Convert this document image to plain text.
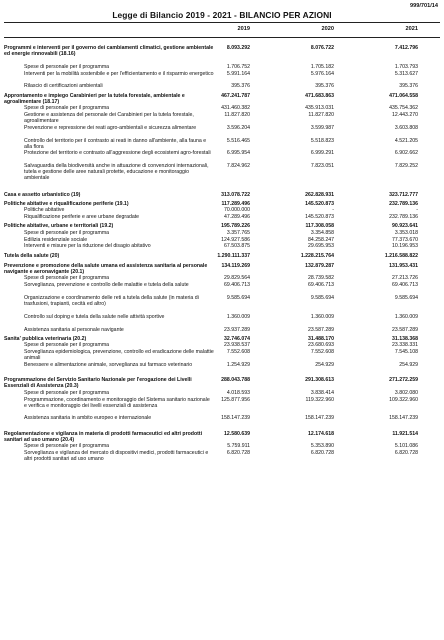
999/701/14
Legge di Bilancio 2019 - 2021 - BILANCIO PER AZIONI
2019	2020	2021
Programmi e interventi per il governo dei cambiamenti climatici, gestione ambientale ed energie rinnovabili (18.16)
8.093.292	8.076.722	7.412.796
Spese di personale per il programma	1.706.752	1.705.182	1.703.793
Interventi per la mobilità sostenibile e per l'efficientamento e il risparmio energetico	5.991.164	5.976.164	5.313.627
Rilascio di certificazioni ambientali	395.376	395.376	395.376
Approntamento e impiego Carabinieri per la tutela forestale, ambientale e agroalimentare (18.17)
467.241.787	471.683.863	471.064.558
Spese di personale per il programma	431.460.382	435.913.031	435.754.362
Gestione e assistenza del personale dei Carabinieri per la tutela forestale, agroalimentare
11.827.820	11.827.820	12.443.270
Prevenzione e repressione dei reati agro-ambientali e sicurezza alimentare	3.596.204	3.599.987	3.603.808
Controllo del territorio per il contrasto ai reati in danno all'ambiente, alla fauna e alla flora
5.516.465	5.518.823	4.521.205
Protezione del territorio e contrasto all'aggressione degli ecosistemi agro-forestali	6.995.954	6.999.291	6.902.662
Salvaguardia della biodiversità anche in attuazione di convenzioni internazionali, tutela e gestione delle aree naturali protette, educazione e monitoraggio ambientale
7.824.962	7.823.051	7.829.252
Casa e assetto urbanistico (19)	313.078.722	262.828.931	323.712.777
Politiche abitative e riqualificazione periferie (19.1)	117.289.496	145.520.873	232.789.136
Politiche abitative	70.000.000	-	-
Riqualificazione periferie e aree urbane degradate	47.289.496	145.520.873	232.789.136
Politiche abitative, urbane e territoriali (19.2)	195.789.226	117.308.058	90.923.641
Spese di personale per il programma	3.357.765	3.354.858	3.353.018
Edilizia residenziale sociale	124.927.586	84.258.247	77.373.670
Interventi e misure per la riduzione del disagio abitativo	67.503.875	29.695.953	10.196.953
Tutela della salute (20)	1.290.111.337	1.228.215.764	1.216.588.822
Prevenzione e promozione della salute umana ed assistenza sanitaria al personale navigante e aeronavigante (20.1)
134.119.269	132.879.287	131.953.431
Spese di personale per il programma	29.829.564	28.739.582	27.213.726
Sorveglianza, prevenzione e controllo delle malattie e tutela della salute	69.406.713	69.406.713	69.406.713
Organizzazione e coordinamento delle reti a tutela della salute (in materia di trasfusioni, trapianti, cecità ed altro)
9.585.694	9.585.694	9.585.694
Controllo sul doping e tutela della salute nelle attività sportive	1.360.009	1.360.009	1.360.009
Assistenza sanitaria al personale navigante	23.937.289	23.587.289	23.587.289
Sanita' pubblica veterinaria (20.2)	32.746.074	31.488.170	31.138.368
Spese di personale per il programma	23.938.537	23.680.693	23.338.331
Sorveglianza epidemiologica, prevenzione, controllo ed eradicazione delle malattie animali
7.552.608	7.552.608	7.545.108
Benessere e alimentazione animale, sorveglianza sui farmaco veterinario	1.254.929	254.929	254.929
Programmazione del Servizio Sanitario Nazionale per l'erogazione dei Livelli Essenziali di Assistenza (20.3)
288.043.788	291.308.613	271.272.259
Spese di personale per il programma	4.018.593	3.838.414	3.802.080
Programmazione, coordinamento e monitoraggio del Sistema sanitario nazionale e verifica e monitoraggio dei livelli essenziali di assistenza
125.877.956	119.322.960	109.322.960
Assistenza sanitaria in ambito europeo e internazionale	158.147.239	158.147.239	158.147.239
Regolamentazione e vigilanza in materia di prodotti farmaceutici ed altri prodotti sanitari ad uso umano (20.4)
12.580.639	12.174.618	11.921.514
Spese di personale per il programma	5.759.911	5.353.890	5.101.086
Sorveglianza e vigilanza del mercato di dispositivi medici, prodotti farmaceutici e altri prodotti sanitari ad uso umano
6.820.728	6.820.728	6.820.728
